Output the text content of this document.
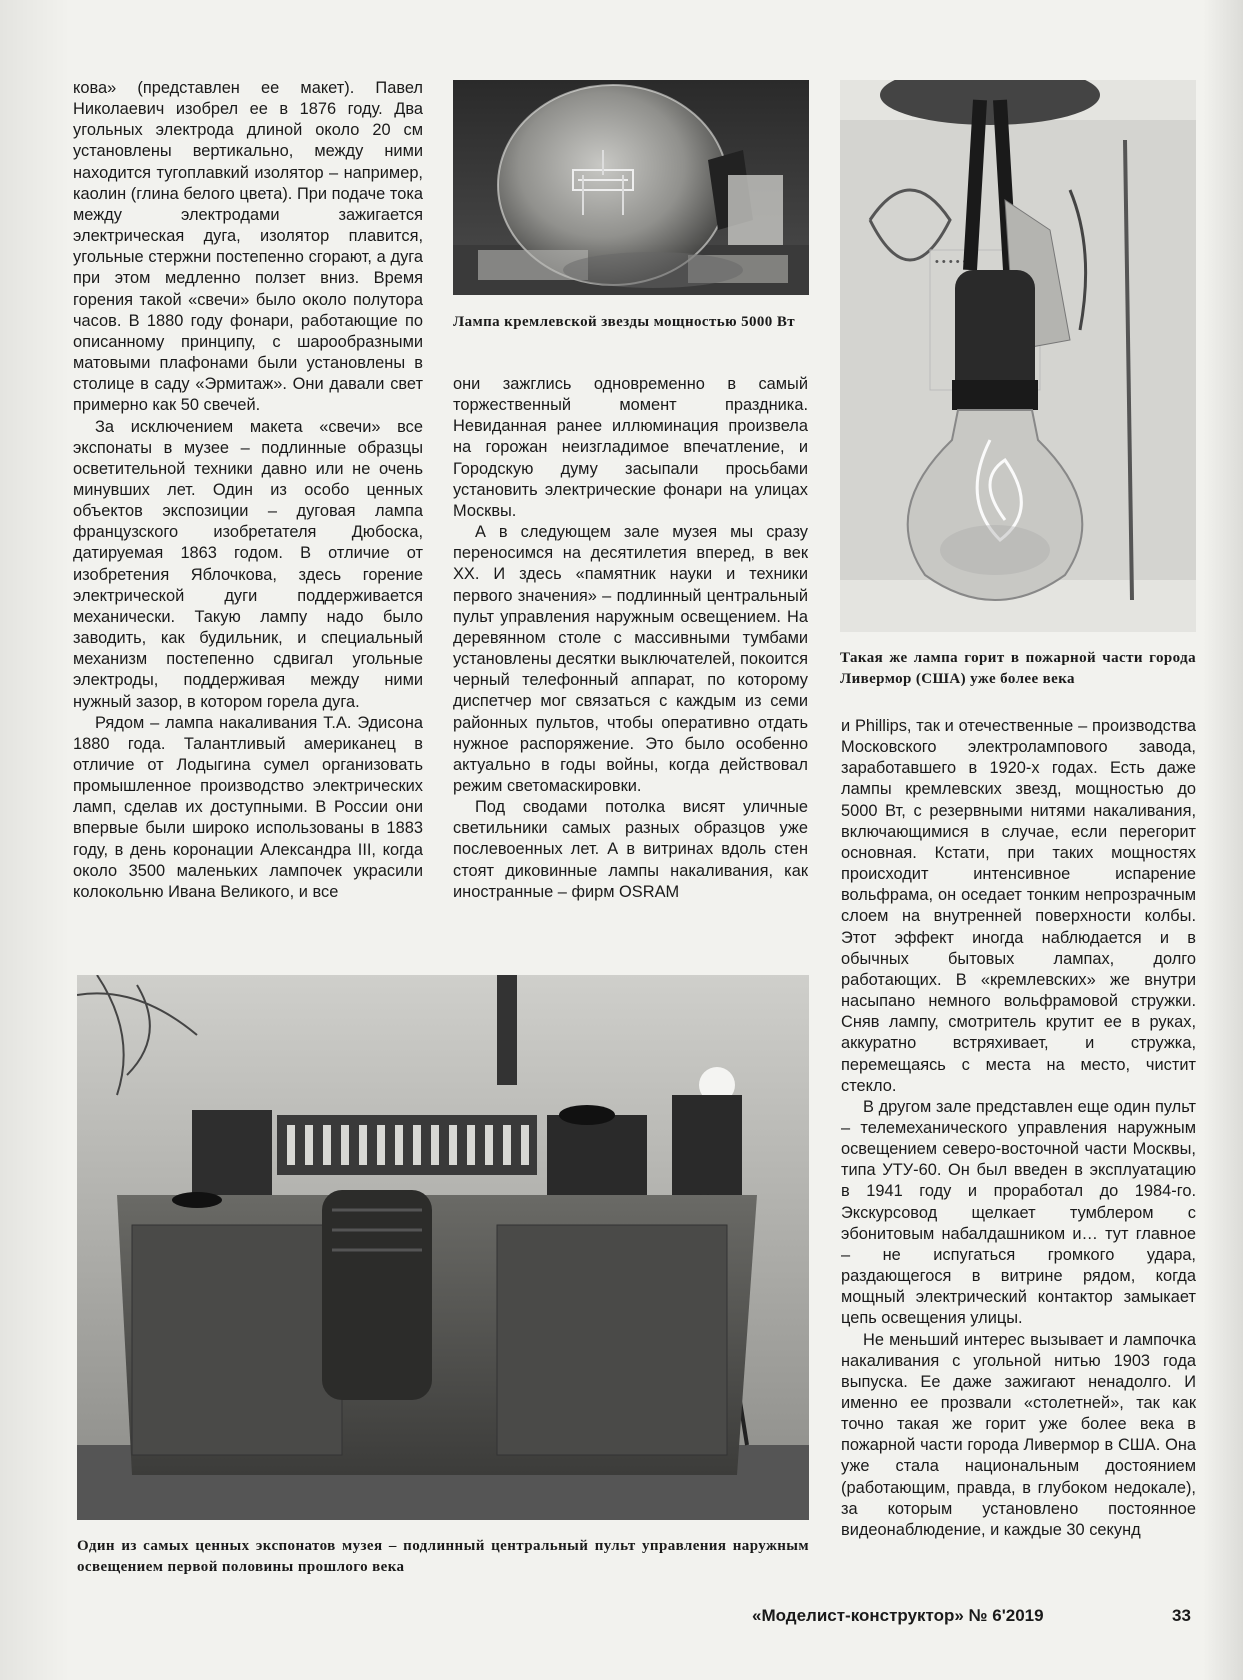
кова» (представлен ее макет). Павел Николаевич изобрел ее в 1876 году. Два угольных электрода длиной около 20 см установлены вертикально, между ними находится тугоплавкий изолятор – например, каолин (глина белого цвета). При подаче тока между электродами зажигается электрическая дуга, изолятор плавится, угольные стержни постепенно сгорают, а дуга при этом медленно ползет вниз. Время горения такой «свечи» было около полутора часов. В 1880 году фонари, работающие по описанному принципу, с шарообразными матовыми плафонами были установлены в столице в саду «Эрмитаж». Они давали свет примерно как 50 свечей.

За исключением макета «свечи» все экспонаты в музее – подлинные образцы осветительной техники давно или не очень минувших лет. Один из особо ценных объектов экспозиции – дуговая лампа французского изобретателя Дюбоска, датируемая 1863 годом. В отличие от изобретения Яблочкова, здесь горение электрической дуги поддерживается механически. Такую лампу надо было заводить, как будильник, и специальный механизм постепенно сдвигал угольные электроды, поддерживая между ними нужный зазор, в котором горела дуга.

Рядом – лампа накаливания Т.А. Эдисона 1880 года. Талантливый американец в отличие от Лодыгина сумел организовать промышленное производство электрических ламп, сделав их доступными. В России они впервые были широко использованы в 1883 году, в день коронации Александра III, когда около 3500 маленьких лампочек украсили колокольню Ивана Великого, и все

Лампа кремлевской звезды мощностью 5000 Вт

они зажглись одновременно в самый торжественный момент праздника. Невиданная ранее иллюминация произвела на горожан неизгладимое впечатление, и Городскую думу засыпали просьбами установить электрические фонари на улицах Москвы.

А в следующем зале музея мы сразу переносимся на десятилетия вперед, в век XX. И здесь «памятник науки и техники первого значения» – подлинный центральный пульт управления наружным освещением. На деревянном столе с массивными тумбами установлены десятки выключателей, покоится черный телефонный аппарат, по которому диспетчер мог связаться с каждым из семи районных пультов, чтобы оперативно отдать нужное распоряжение. Это было особенно актуально в годы войны, когда действовал режим светомаскировки.

Под сводами потолка висят уличные светильники самых разных образцов уже послевоенных лет. А в витринах вдоль стен стоят диковинные лампы накаливания, как иностранные – фирм OSRAM

• • • • •
Такая же лампа горит в пожарной части города Ливермор (США) уже более века

и Phillips, так и отечественные – производства Московского электролампового завода, заработавшего в 1920-х годах. Есть даже лампы кремлевских звезд, мощностью до 5000 Вт, с резервными нитями накаливания, включающимися в случае, если перегорит основная. Кстати, при таких мощностях происходит интенсивное испарение вольфрама, он оседает тонким непрозрачным слоем на внутренней поверхности колбы. Этот эффект иногда наблюдается и в обычных бытовых лампах, долго работающих. В «кремлевских» же внутри насыпано немного вольфрамовой стружки. Сняв лампу, смотритель крутит ее в руках, аккуратно встряхивает, и стружка, перемещаясь с места на место, чистит стекло.

В другом зале представлен еще один пульт – телемеханического управления наружным освещением северо-восточной части Москвы, типа УТУ-60. Он был введен в эксплуатацию в 1941 году и проработал до 1984-го. Экскурсовод щелкает тумблером с эбонитовым набалдашником и… тут главное – не испугаться громкого удара, раздающегося в витрине рядом, когда мощный электрический контактор замыкает цепь освещения улицы.

Не меньший интерес вызывает и лампочка накаливания с угольной нитью 1903 года выпуска. Ее даже зажигают ненадолго. И именно ее прозвали «столетней», так как точно такая же горит уже более века в пожарной части города Ливермор в США. Она уже стала национальным достоянием (работающим, правда, в глубоком недокале), за которым установлено постоянное видеонаблюдение, и каждые 30 секунд

Один из самых ценных экспонатов музея – подлинный центральный пульт управления наружным освещением первой половины прошлого века
«Моделист-конструктор» № 6'2019	33
